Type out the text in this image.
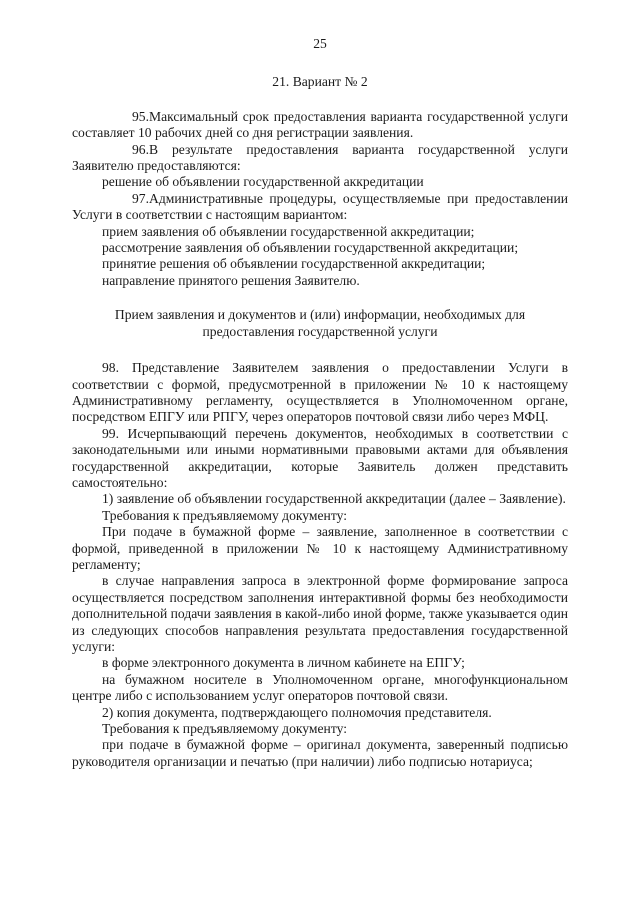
25
21. Вариант № 2

95.Максимальный срок предоставления варианта государственной услуги составляет 10 рабочих дней со дня регистрации заявления.

96.В результате предоставления варианта государственной услуги Заявителю предоставляются:

решение об объявлении государственной аккредитации

97.Административные процедуры, осуществляемые при предоставлении Услуги в соответствии с настоящим вариантом:

прием заявления об объявлении государственной аккредитации;

рассмотрение заявления об объявлении государственной аккредитации;

принятие решения об объявлении государственной аккредитации;

направление принятого решения Заявителю.

Прием заявления и документов и (или) информации, необходимых для предоставления государственной услуги

98. Представление Заявителем заявления о предоставлении Услуги в соответствии с формой, предусмотренной в приложении № 10 к настоящему Административному регламенту, осуществляется в Уполномоченном органе, посредством ЕПГУ или РПГУ, через операторов почтовой связи либо через МФЦ.

99. Исчерпывающий перечень документов, необходимых в соответствии с законодательными или иными нормативными правовыми актами для объявления государственной аккредитации, которые Заявитель должен представить самостоятельно:

1) заявление об объявлении государственной аккредитации (далее – Заявление).

Требования к предъявляемому документу:

При подаче в бумажной форме – заявление, заполненное в соответствии с формой, приведенной в приложении № 10 к настоящему Административному регламенту;

в случае направления запроса в электронной форме формирование запроса осуществляется посредством заполнения интерактивной формы без необходимости дополнительной подачи заявления в какой-либо иной форме, также указывается один из следующих способов направления результата предоставления государственной услуги:

в форме электронного документа в личном кабинете на ЕПГУ;

на бумажном носителе в Уполномоченном органе, многофункциональном центре либо с использованием услуг операторов почтовой связи.

2) копия документа, подтверждающего полномочия представителя.

Требования к предъявляемому документу:

при подаче в бумажной форме – оригинал документа, заверенный подписью руководителя организации и печатью (при наличии) либо подписью нотариуса;
